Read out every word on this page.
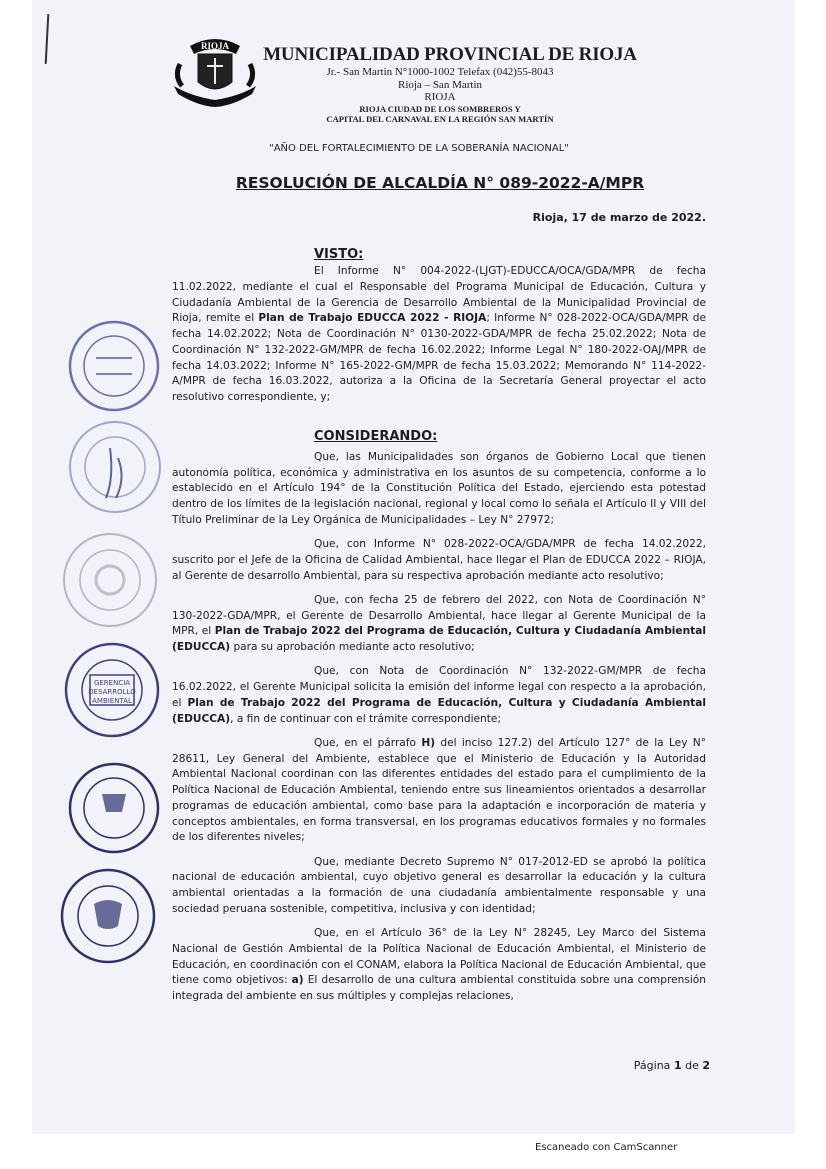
RIOJA MUNICIPALIDAD PROVINCIAL DE RIOJA
Jr.- San Martin N°1000-1002 Telefax (042)55-8043
Rioja – San Martin
RIOJA
RIOJA CIUDAD DE LOS SOMBREROS Y
CAPITAL DEL CARNAVAL EN LA REGIÓN SAN MARTÍN
"AÑO DEL FORTALECIMIENTO DE LA SOBERANÍA NACIONAL"
RESOLUCIÓN DE ALCALDÍA N° 089-2022-A/MPR
Rioja, 17 de marzo de 2022.
VISTO:

El Informe N° 004-2022-(LJGT)-EDUCCA/OCA/GDA/MPR de fecha 11.02.2022, mediante el cual el Responsable del Programa Municipal de Educación, Cultura y Ciudadanía Ambiental de la Gerencia de Desarrollo Ambiental de la Municipalidad Provincial de Rioja, remite el Plan de Trabajo EDUCCA 2022 - RIOJA; Informe N° 028-2022-OCA/GDA/MPR de fecha 14.02.2022; Nota de Coordinación N° 0130-2022-GDA/MPR de fecha 25.02.2022; Nota de Coordinación N° 132-2022-GM/MPR de fecha 16.02.2022; Informe Legal N° 180-2022-OAJ/MPR de fecha 14.03.2022; Informe N° 165-2022-GM/MPR de fecha 15.03.2022; Memorando N° 114-2022-A/MPR de fecha 16.03.2022, autoriza a la Oficina de la Secretaría General proyectar el acto resolutivo correspondiente, y;

CONSIDERANDO:

Que, las Municipalidades son órganos de Gobierno Local que tienen autonomía política, económica y administrativa en los asuntos de su competencia, conforme a lo establecido en el Artículo 194° de la Constitución Política del Estado, ejerciendo esta potestad dentro de los límites de la legislación nacional, regional y local como lo señala el Artículo II y VIII del Título Preliminar de la Ley Orgánica de Municipalidades – Ley N° 27972;

Que, con Informe N° 028-2022-OCA/GDA/MPR de fecha 14.02.2022, suscrito por el Jefe de la Oficina de Calidad Ambiental, hace llegar el Plan de EDUCCA 2022 – RIOJA, al Gerente de desarrollo Ambiental, para su respectiva aprobación mediante acto resolutivo;

Que, con fecha 25 de febrero del 2022, con Nota de Coordinación N° 130-2022-GDA/MPR, el Gerente de Desarrollo Ambiental, hace llegar al Gerente Municipal de la MPR, el Plan de Trabajo 2022 del Programa de Educación, Cultura y Ciudadanía Ambiental (EDUCCA) para su aprobación mediante acto resolutivo;

Que, con Nota de Coordinación N° 132-2022-GM/MPR de fecha 16.02.2022, el Gerente Municipal solicita la emisión del informe legal con respecto a la aprobación, el Plan de Trabajo 2022 del Programa de Educación, Cultura y Ciudadanía Ambiental (EDUCCA), a fin de continuar con el trámite correspondiente;

Que, en el párrafo H) del inciso 127.2) del Artículo 127° de la Ley N° 28611, Ley General del Ambiente, establece que el Ministerio de Educación y la Autoridad Ambiental Nacional coordinan con las diferentes entidades del estado para el cumplimiento de la Política Nacional de Educación Ambiental, teniendo entre sus lineamientos orientados a desarrollar programas de educación ambiental, como base para la adaptación e incorporación de materia y conceptos ambientales, en forma transversal, en los programas educativos formales y no formales de los diferentes niveles;

Que, mediante Decreto Supremo N° 017-2012-ED se aprobó la política nacional de educación ambiental, cuyo objetivo general es desarrollar la educación y la cultura ambiental orientadas a la formación de una ciudadanía ambientalmente responsable y una sociedad peruana sostenible, competitiva, inclusiva y con identidad;

Que, en el Artículo 36° de la Ley N° 28245, Ley Marco del Sistema Nacional de Gestión Ambiental de la Política Nacional de Educación Ambiental, el Ministerio de Educación, en coordinación con el CONAM, elabora la Política Nacional de Educación Ambiental, que tiene como objetivos: a) El desarrollo de una cultura ambiental constituida sobre una comprensión integrada del ambiente en sus múltiples y complejas relaciones,

Página 1 de 2
Escaneado con CamScanner
GERENCIA
DESARROLLO
AMBIENTAL
